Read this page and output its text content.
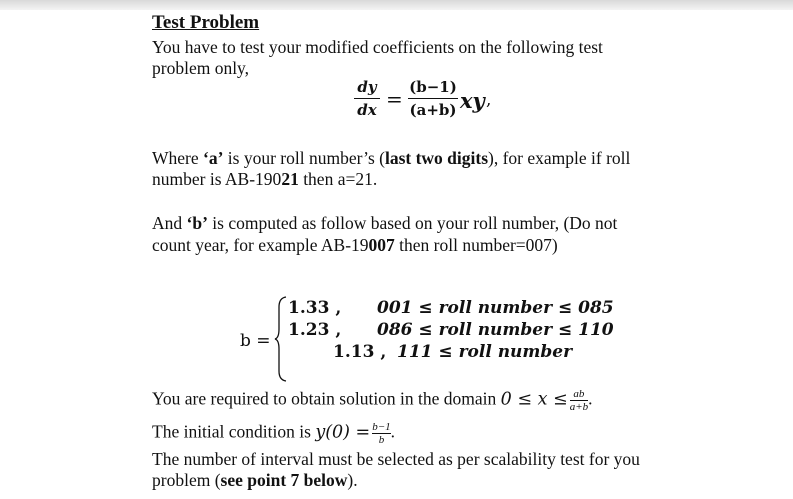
Test Problem
You have to test your modified coefficients on the following test
problem only,
dy
dx = (b−1)
(a+b) xy ,
Where ‘a’ is your roll number’s (last two digits), for example if roll
number is AB-19021 then a=21.
And ‘b’ is computed as follow based on your roll number, (Do not
count year, for example AB-19007 then roll number=007)
b =
1.33 , 001 ≤ roll number ≤ 085
1.23 , 086 ≤ roll number ≤ 110
1.13 , 111 ≤ roll number
You are required to obtain solution in the domain $0 \le x \le \frac{ab}{a+b}$ .
The initial condition is $y(0) = \frac{b-1}{b}$ .
The number of interval must be selected as per scalability test for you
problem (see point 7 below).
